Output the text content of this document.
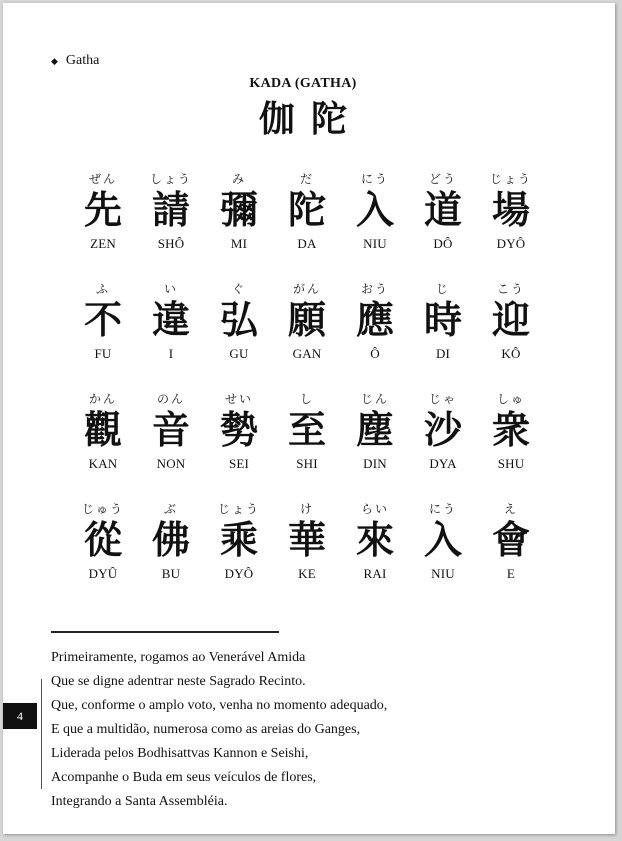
◆ Gatha
KADA (GATHA)
伽陀
ぜん
先
ZEN
しょう
請
SHÔ
み
彌
MI
だ
陀
DA
にう
入
NIU
どう
道
DÔ
じょう
場
DYÔ
ふ
不
FU
い
違
I
ぐ
弘
GU
がん
願
GAN
おう
應
Ô
じ
時
DI
こう
迎
KÔ
かん
觀
KAN
のん
音
NON
せい
勢
SEI
し
至
SHI
じん
塵
DIN
じゃ
沙
DYA
しゅ
衆
SHU
じゅう
從
DYÛ
ぶ
佛
BU
じょう
乘
DYÔ
け
華
KE
らい
來
RAI
にう
入
NIU
え
會
E
Primeiramente, rogamos ao Venerável Amida
Que se digne adentrar neste Sagrado Recinto.
Que, conforme o amplo voto, venha no momento adequado,
E que a multidão, numerosa como as areias do Ganges,
Liderada pelos Bodhisattvas Kannon e Seishi,
Acompanhe o Buda em seus veículos de flores,
Integrando a Santa Assembléia.
4
